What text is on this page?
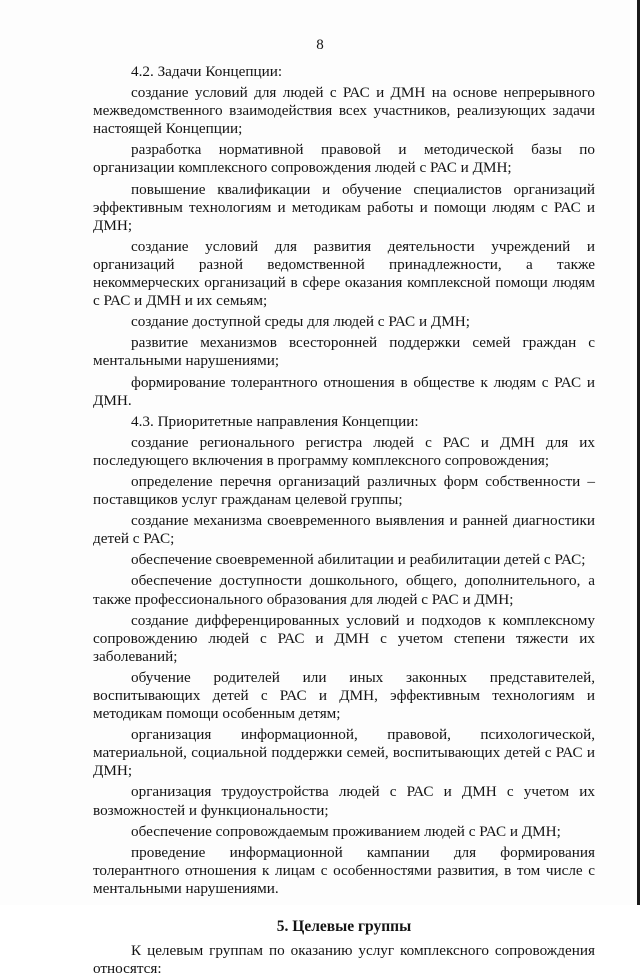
8

4.2. Задачи Концепции:

создание условий для людей с РАС и ДМН на основе непрерывного межведомственного взаимодействия всех участников, реализующих задачи настоящей Концепции;

разработка нормативной правовой и методической базы по организации комплексного сопровождения людей с РАС и ДМН;

повышение квалификации и обучение специалистов организаций эффективным технологиям и методикам работы и помощи людям с РАС и ДМН;

создание условий для развития деятельности учреждений и организаций разной ведомственной принадлежности, а также некоммерческих организаций в сфере оказания комплексной помощи людям с РАС и ДМН и их семьям;

создание доступной среды для людей с РАС и ДМН;

развитие механизмов всесторонней поддержки семей граждан с ментальными нарушениями;

формирование толерантного отношения в обществе к людям с РАС и ДМН.

4.3. Приоритетные направления Концепции:

создание регионального регистра людей с РАС и ДМН для их последующего включения в программу комплексного сопровождения;

определение перечня организаций различных форм собственности – поставщиков услуг гражданам целевой группы;

создание механизма своевременного выявления и ранней диагностики детей с РАС;

обеспечение своевременной абилитации и реабилитации детей с РАС;

обеспечение доступности дошкольного, общего, дополнительного, а также профессионального образования для людей с РАС и ДМН;

создание дифференцированных условий и подходов к комплексному сопровождению людей с РАС и ДМН с учетом степени тяжести их заболеваний;

обучение родителей или иных законных представителей, воспитывающих детей с РАС и ДМН, эффективным технологиям и методикам помощи особенным детям;

организация информационной, правовой, психологической, материальной, социальной поддержки семей, воспитывающих детей с РАС и ДМН;

организация трудоустройства людей с РАС и ДМН с учетом их возможностей и функциональности;

обеспечение сопровождаемым проживанием людей с РАС и ДМН;

проведение информационной кампании для формирования толерантного отношения к лицам с особенностями развития, в том числе с ментальными нарушениями.

5. Целевые группы

К целевым группам по оказанию услуг комплексного сопровождения относятся:
